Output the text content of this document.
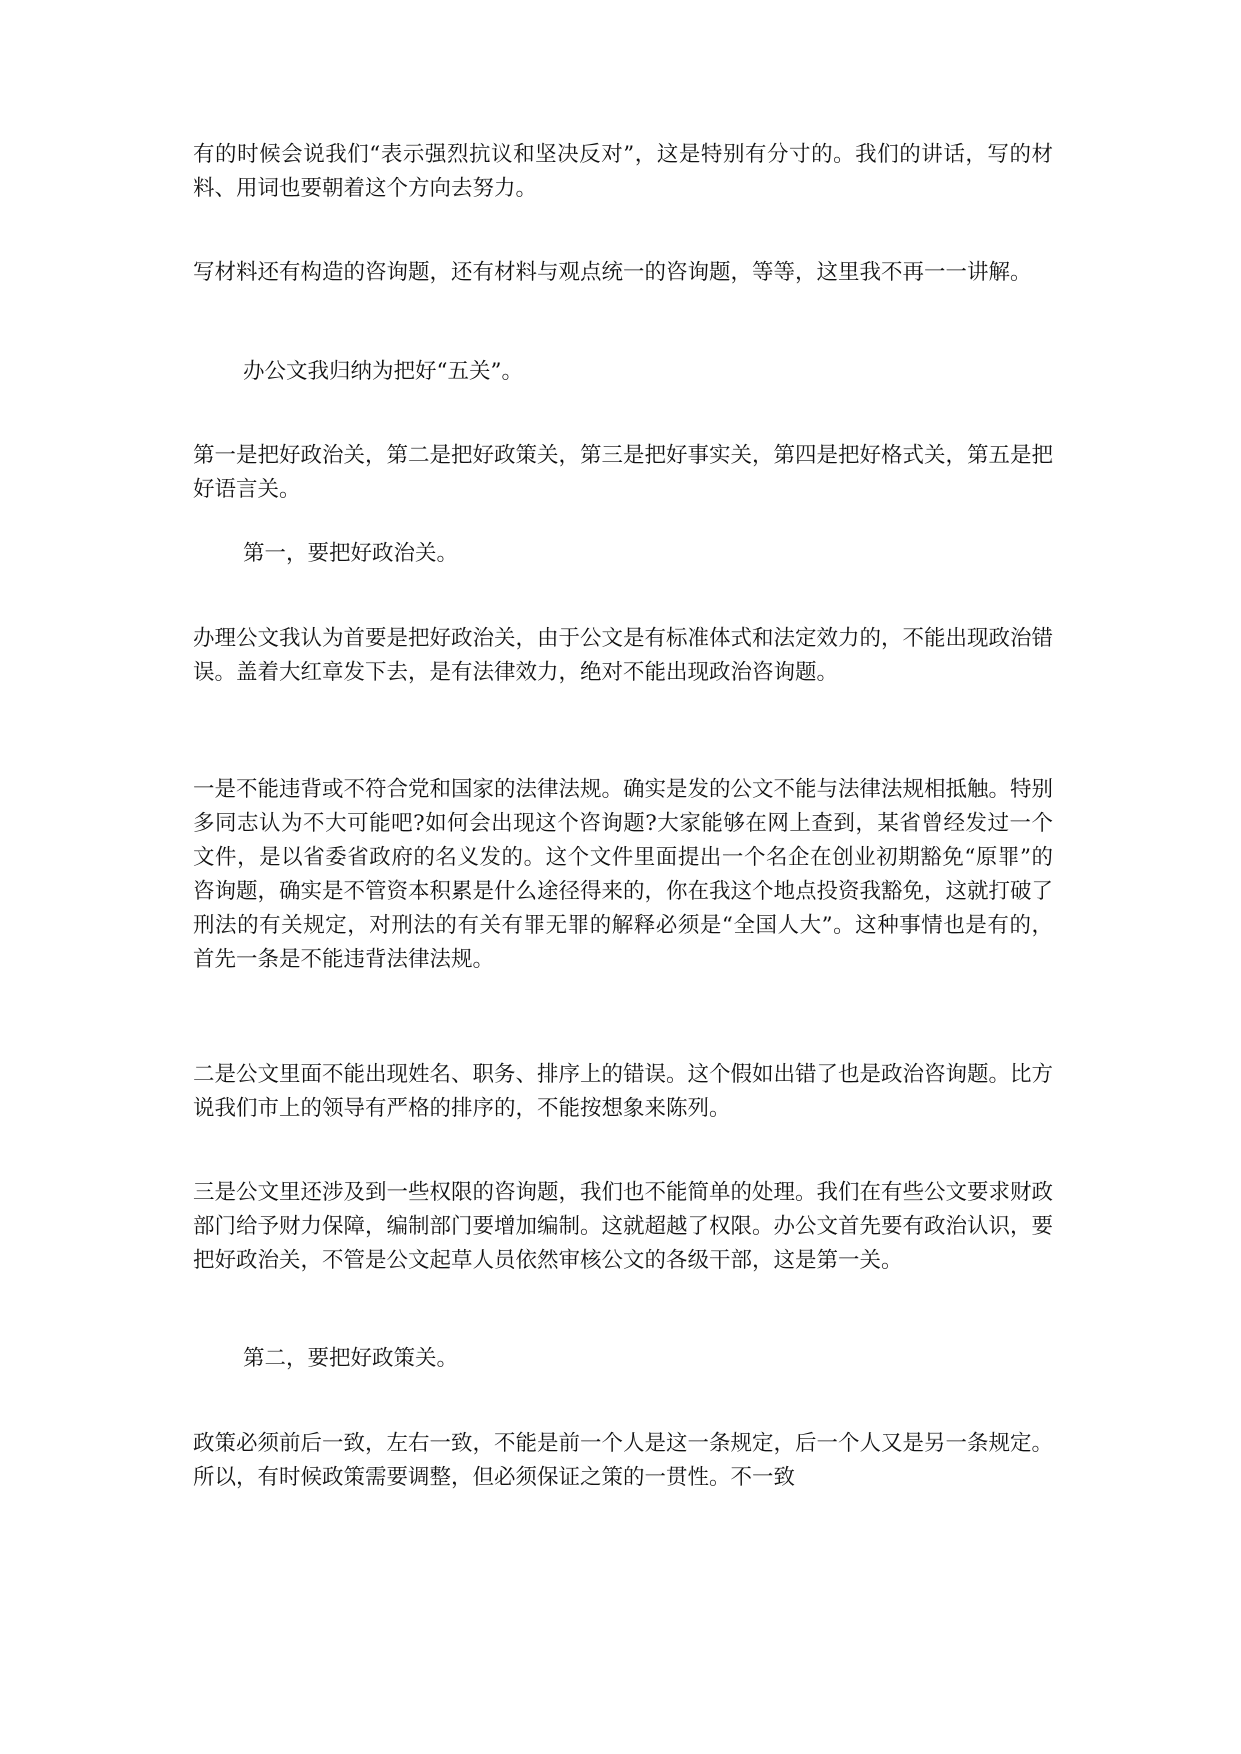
有的时候会说我们“表示强烈抗议和坚决反对”，这是特别有分寸的。我们的讲话，写的材料、用词也要朝着这个方向去努力。

写材料还有构造的咨询题，还有材料与观点统一的咨询题，等等，这里我不再一一讲解。

办公文我归纳为把好“五关”。

第一是把好政治关，第二是把好政策关，第三是把好事实关，第四是把好格式关，第五是把好语言关。

第一，要把好政治关。

办理公文我认为首要是把好政治关，由于公文是有标准体式和法定效力的，不能出现政治错误。盖着大红章发下去，是有法律效力，绝对不能出现政治咨询题。

一是不能违背或不符合党和国家的法律法规。确实是发的公文不能与法律法规相抵触。特别多同志认为不大可能吧?如何会出现这个咨询题?大家能够在网上查到，某省曾经发过一个文件，是以省委省政府的名义发的。这个文件里面提出一个名企在创业初期豁免“原罪”的咨询题，确实是不管资本积累是什么途径得来的，你在我这个地点投资我豁免，这就打破了刑法的有关规定，对刑法的有关有罪无罪的解释必须是“全国人大”。这种事情也是有的，首先一条是不能违背法律法规。

二是公文里面不能出现姓名、职务、排序上的错误。这个假如出错了也是政治咨询题。比方说我们市上的领导有严格的排序的，不能按想象来陈列。

三是公文里还涉及到一些权限的咨询题，我们也不能简单的处理。我们在有些公文要求财政部门给予财力保障，编制部门要增加编制。这就超越了权限。办公文首先要有政治认识，要把好政治关，不管是公文起草人员依然审核公文的各级干部，这是第一关。

第二，要把好政策关。

政策必须前后一致，左右一致，不能是前一个人是这一条规定，后一个人又是另一条规定。所以，有时候政策需要调整，但必须保证之策的一贯性。不一致
